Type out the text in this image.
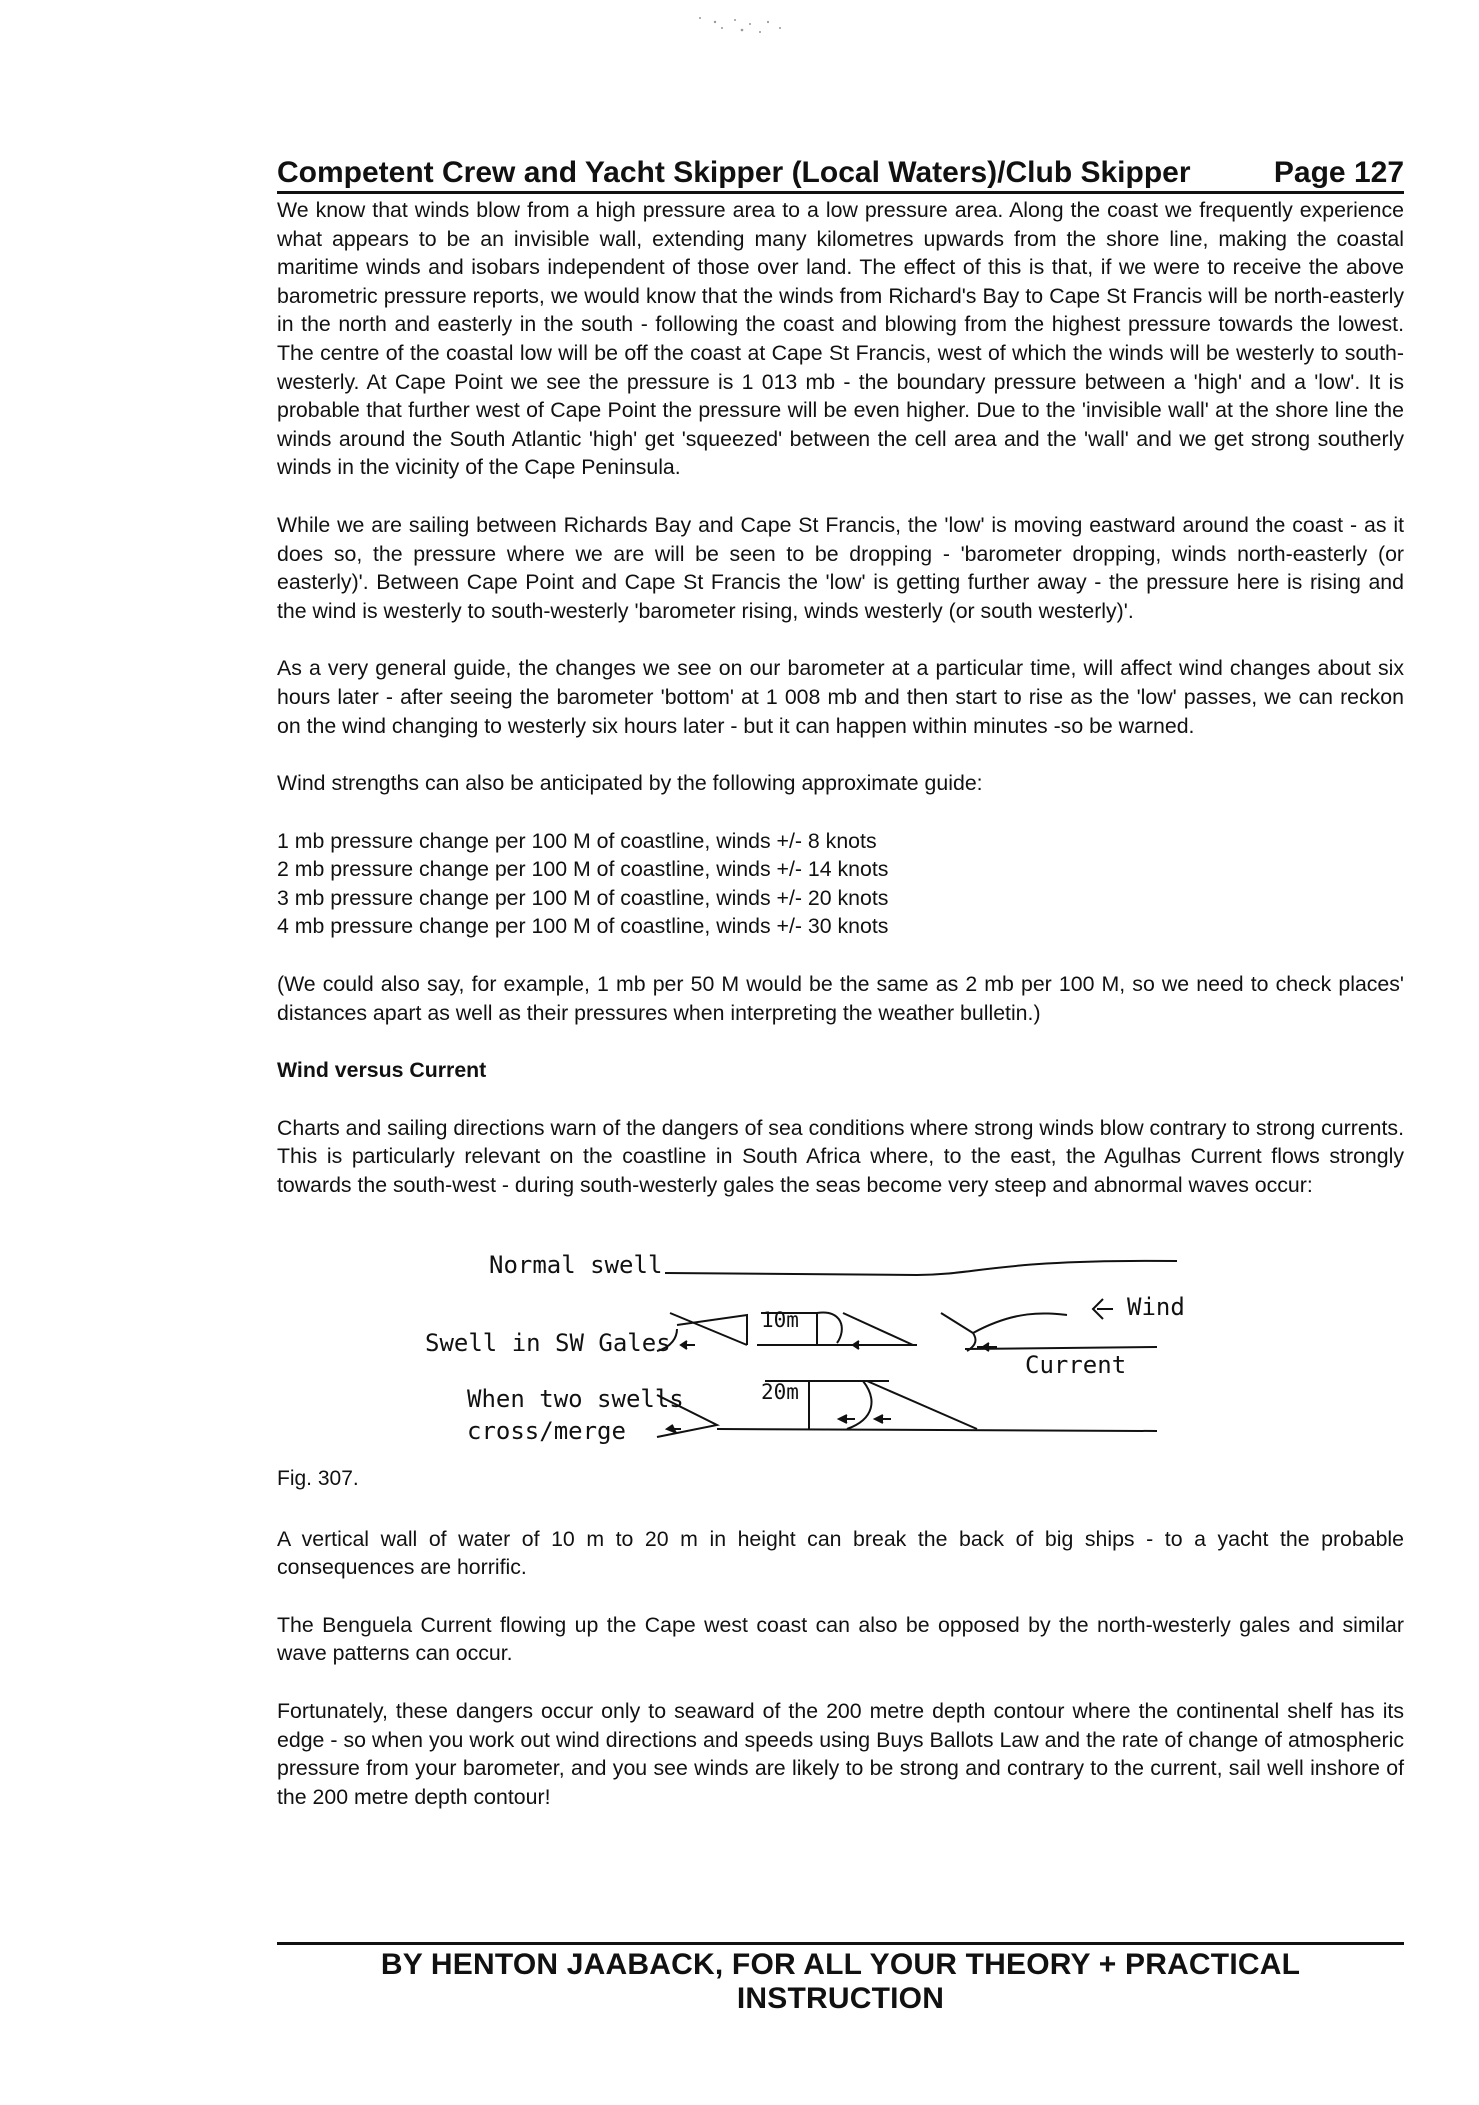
Competent Crew and Yacht Skipper (Local Waters)/Club Skipper	Page 127

We know that winds blow from a high pressure area to a low pressure area. Along the coast we frequently experience what appears to be an invisible wall, extending many kilometres upwards from the shore line, making the coastal maritime winds and isobars independent of those over land. The effect of this is that, if we were to receive the above barometric pressure reports, we would know that the winds from Richard's Bay to Cape St Francis will be north-easterly in the north and easterly in the south - following the coast and blowing from the highest pressure towards the lowest. The centre of the coastal low will be off the coast at Cape St Francis, west of which the winds will be westerly to south-westerly. At Cape Point we see the pressure is 1 013 mb - the boundary pressure between a 'high' and a 'low'. It is probable that further west of Cape Point the pressure will be even higher. Due to the 'invisible wall' at the shore line the winds around the South Atlantic 'high' get 'squeezed' between the cell area and the 'wall' and we get strong southerly winds in the vicinity of the Cape Peninsula.

While we are sailing between Richards Bay and Cape St Francis, the 'low' is moving eastward around the coast - as it does so, the pressure where we are will be seen to be dropping - 'barometer dropping, winds north-easterly (or easterly)'. Between Cape Point and Cape St Francis the 'low' is getting further away - the pressure here is rising and the wind is westerly to south-westerly 'barometer rising, winds westerly (or south westerly)'.

As a very general guide, the changes we see on our barometer at a particular time, will affect wind changes about six hours later - after seeing the barometer 'bottom' at 1 008 mb and then start to rise as the 'low' passes, we can reckon on the wind changing to westerly six hours later - but it can happen within minutes -so be warned.

Wind strengths can also be anticipated by the following approximate guide:

1 mb pressure change per 100 M of coastline, winds +/- 8 knots
2 mb pressure change per 100 M of coastline, winds +/- 14 knots
3 mb pressure change per 100 M of coastline, winds +/- 20 knots
4 mb pressure change per 100 M of coastline, winds +/- 30 knots

(We could also say, for example, 1 mb per 50 M would be the same as 2 mb per 100 M, so we need to check places' distances apart as well as their pressures when interpreting the weather bulletin.)

Wind versus Current

Charts and sailing directions warn of the dangers of sea conditions where strong winds blow contrary to strong currents. This is particularly relevant on the coastline in South Africa where, to the east, the Agulhas Current flows strongly towards the south-west - during south-westerly gales the seas become very steep and abnormal waves occur:

Normal swell
Swell in SW Gales
10m	Wind
When two swells
cross/merge
20m
Current
Fig. 307.

A vertical wall of water of 10 m to 20 m in height can break the back of big ships - to a yacht the probable consequences are horrific.

The Benguela Current flowing up the Cape west coast can also be opposed by the north-westerly gales and similar wave patterns can occur.

Fortunately, these dangers occur only to seaward of the 200 metre depth contour where the continental shelf has its edge - so when you work out wind directions and speeds using Buys Ballots Law and the rate of change of atmospheric pressure from your barometer, and you see winds are likely to be strong and contrary to the current, sail well inshore of the 200 metre depth contour!

BY HENTON JAABACK, FOR ALL YOUR THEORY + PRACTICAL INSTRUCTION
